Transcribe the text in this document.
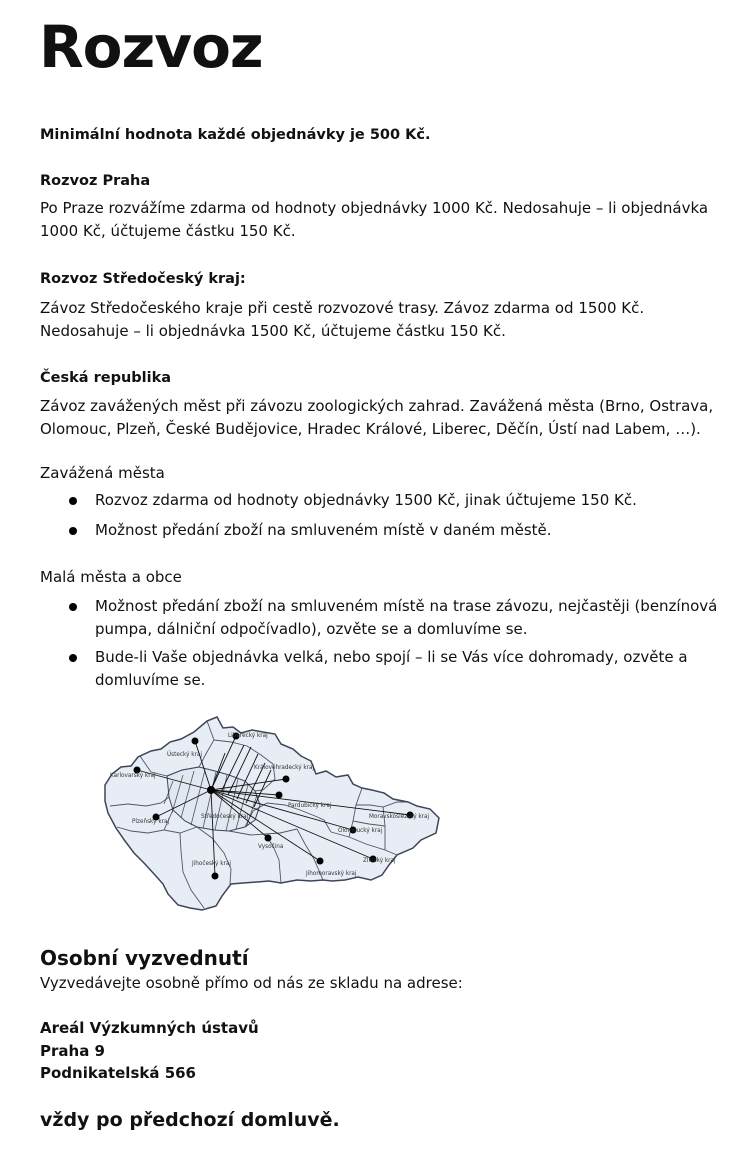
Rozvoz
Minimální hodnota každé objednávky je 500 Kč.
Rozvoz Praha
Po Praze rozvážíme zdarma od hodnoty objednávky 1000 Kč. Nedosahuje – li objednávka 1000 Kč, účtujeme částku 150 Kč.
Rozvoz Středočeský kraj:
Závoz Středočeského kraje při cestě rozvozové trasy. Závoz zdarma od 1500 Kč. Nedosahuje – li objednávka 1500 Kč, účtujeme částku 150 Kč.
Česká republika
Závoz zavážených měst při závozu zoologických zahrad. Zavážená města (Brno, Ostrava, Olomouc, Plzeň, České Budějovice, Hradec Králové, Liberec, Děčín, Ústí nad Labem, …).
Zavážená města
Rozvoz zdarma od hodnoty objednávky 1500 Kč, jinak účtujeme 150 Kč.
Možnost předání zboží na smluveném místě v daném městě.
Malá města a obce
Možnost předání zboží na smluveném místě na trase závozu, nejčastěji (benzínová pumpa, dálniční odpočívadlo), ozvěte se a domluvíme se.
Bude-li Vaše objednávka velká, nebo spojí – li se Vás více dohromady, ozvěte a domluvíme se.
Ústecký kraj
Liberecký kraj
Karlovarský kraj
Královéhradecký kraj
Plzeňský kraj
Středočeský kraj
Pardubický kraj
Vysočina
Jihočeský kraj
Jihomoravský kraj
Olomoucký kraj
Moravskoslezský kraj
Zlínský kraj
Osobní vyzvednutí
Vyzvedávejte osobně přímo od nás ze skladu na adrese:
Areál Výzkumných ústavů
Praha 9
Podnikatelská 566
vždy po předchozí domluvě.
